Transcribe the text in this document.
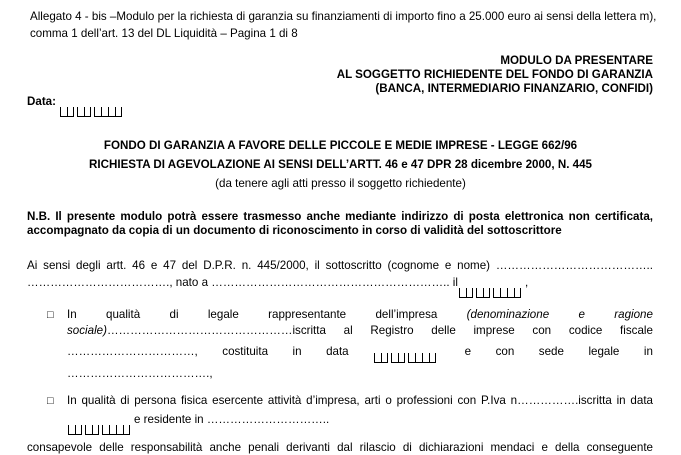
Allegato 4 - bis –Modulo per la richiesta di garanzia su finanziamenti di importo fino a 25.000 euro ai sensi della lettera m),
comma 1 dell’art. 13 del DL Liquidità – Pagina 1 di 8
MODULO DA PRESENTARE
AL SOGGETTO RICHIEDENTE DEL FONDO DI GARANZIA
(BANCA, INTERMEDIARIO FINANZARIO, CONFIDI)
Data:
FONDO DI GARANZIA A FAVORE DELLE PICCOLE E MEDIE IMPRESE - LEGGE 662/96
RICHIESTA DI AGEVOLAZIONE AI SENSI DELL’ARTT. 46 e 47 DPR 28 dicembre 2000, N. 445
(da tenere agli atti presso il soggetto richiedente)
N.B. Il presente modulo potrà essere trasmesso anche mediante indirizzo di posta elettronica non certificata,
accompagnato da copia di un documento di riconoscimento in corso di validità del sottoscrittore
Ai sensi degli artt. 46 e 47 del D.P.R. n. 445/2000, il sottoscritto (cognome e nome) …………………………………..
………………………………., nato a …………………………………………………….. il	,
□ In	qualità	di	legale	rappresentante	dell’impresa	(denominazione	e	ragione
sociale)…………………………………………iscritta al Registro delle imprese con codice fiscale
……………………………, costituita in data	e con sede legale in
……………………………….,
□ In qualità di persona fisica esercente attività d’impresa, arti o professioni con P.Iva n…………….iscritta in data
e residente in …………………………..
consapevole delle responsabilità anche penali derivanti dal rilascio di dichiarazioni mendaci e della conseguente
